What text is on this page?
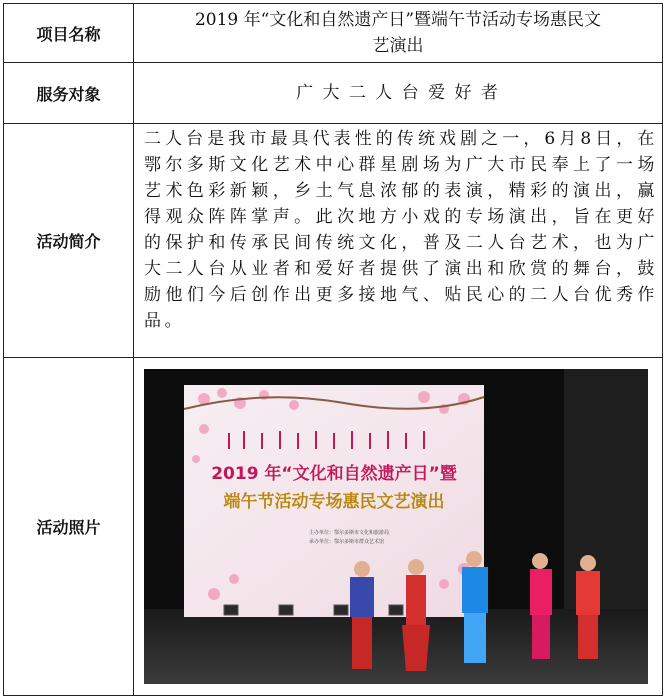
项目名称
2019 年“文化和自然遗产日”暨端午节活动专场惠民文艺演出
服务对象	广 大 二 人 台 爱 好 者
活动简介
二人台是我市最具代表性的传统戏剧之一，6月8日，在鄂尔多斯文化艺术中心群星剧场为广大市民奉上了一场艺术色彩新颖，乡土气息浓郁的表演，精彩的演出，赢得观众阵阵掌声。此次地方小戏的专场演出，旨在更好的保护和传承民间传统文化，普及二人台艺术，也为广大二人台从业者和爱好者提供了演出和欣赏的舞台，鼓励他们今后创作出更多接地气、贴民心的二人台优秀作品。
活动照片
2019 年“文化和自然遗产日”暨
端午节活动专场惠民文艺演出
主办单位：鄂尔多斯市文化和旅游局
承办单位：鄂尔多斯市群众艺术馆
